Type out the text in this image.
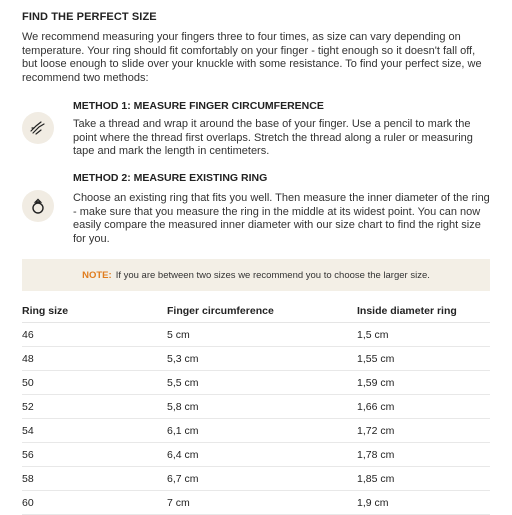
FIND THE PERFECT SIZE
We recommend measuring your fingers three to four times, as size can vary depending on temperature. Your ring should fit comfortably on your finger - tight enough so it doesn't fall off, but loose enough to slide over your knuckle with some resistance. To find your perfect size, we recommend two methods:
METHOD 1: MEASURE FINGER CIRCUMFERENCE
Take a thread and wrap it around the base of your finger. Use a pencil to mark the point where the thread first overlaps. Stretch the thread along a ruler or measuring tape and mark the length in centimeters.
METHOD 2: MEASURE EXISTING RING
Choose an existing ring that fits you well. Then measure the inner diameter of the ring - make sure that you measure the ring in the middle at its widest point. You can now easily compare the measured inner diameter with our size chart to find the right size for you.
NOTE: If you are between two sizes we recommend you to choose the larger size.
Ring size	Finger circumference	Inside diameter ring
46	5 cm	1,5 cm
48	5,3 cm	1,55 cm
50	5,5 cm	1,59 cm
52	5,8 cm	1,66 cm
54	6,1 cm	1,72 cm
56	6,4 cm	1,78 cm
58	6,7 cm	1,85 cm
60	7 cm	1,9 cm
